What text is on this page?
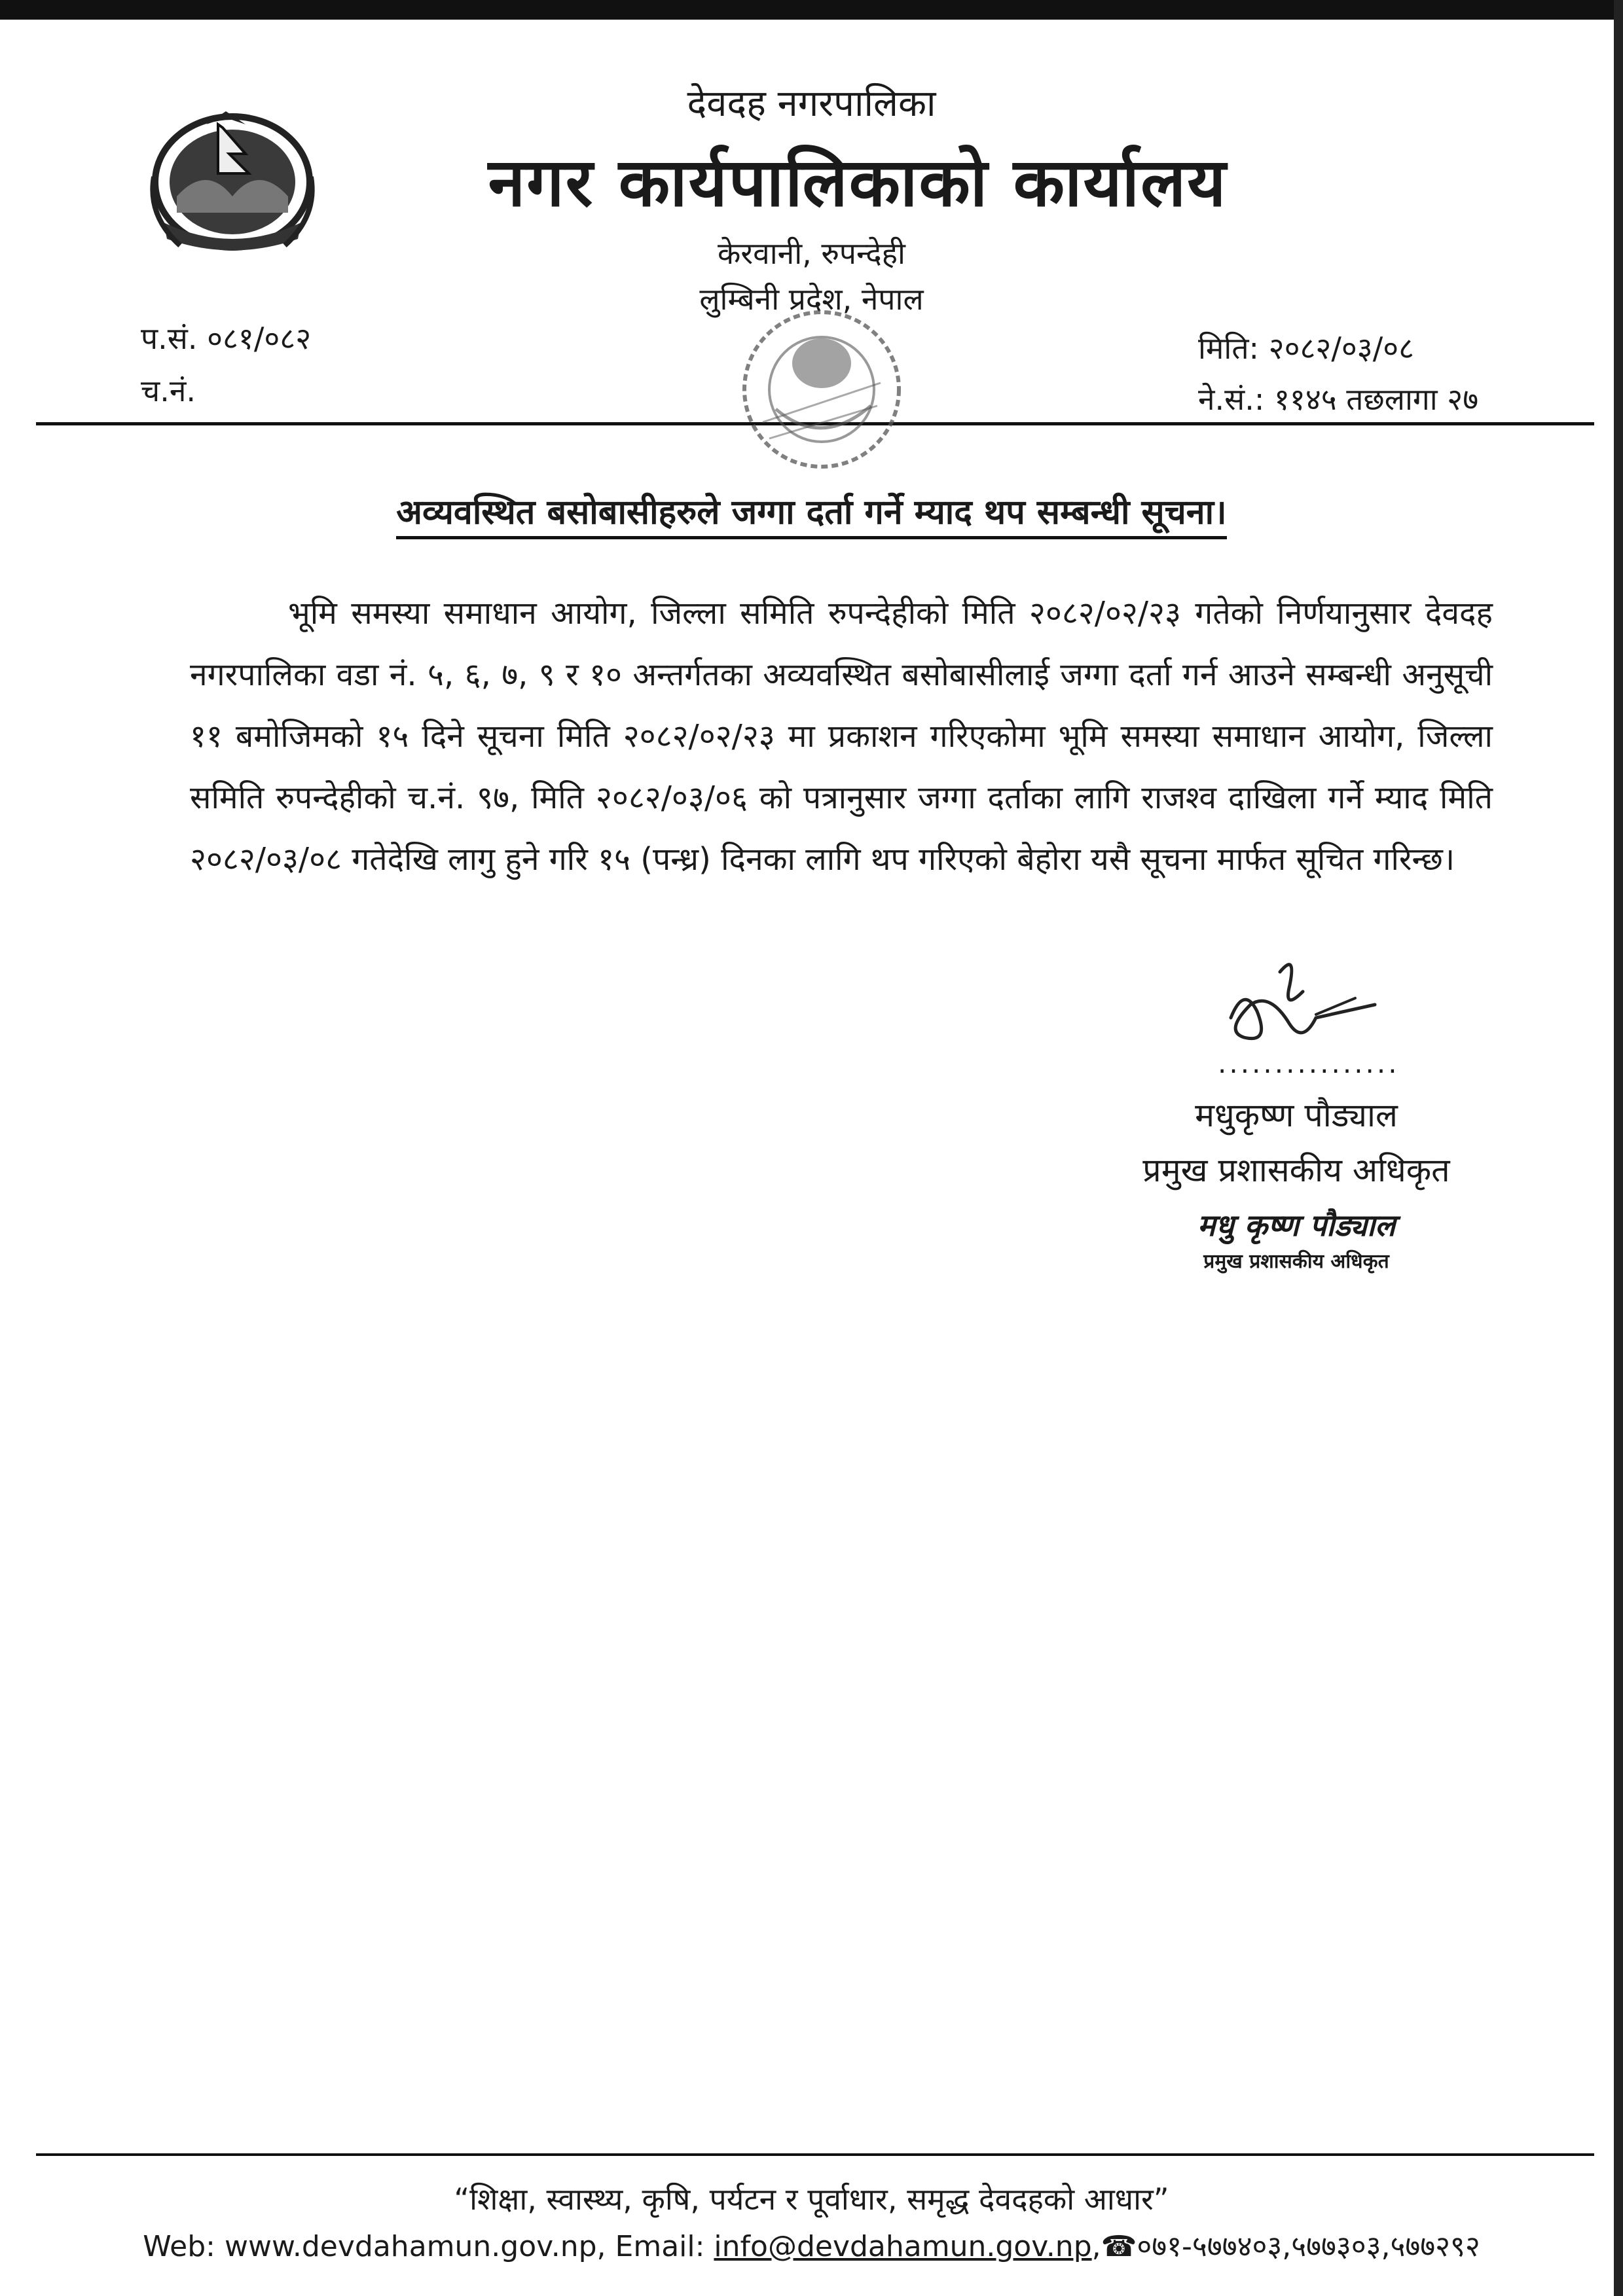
देवदह नगरपालिका
नगर कार्यपालिकाको कार्यालय
केरवानी, रुपन्देही
लुम्बिनी प्रदेश, नेपाल
प.सं. ०८१/०८२
च.नं.
मिति: २०८२/०३/०८
ने.सं.: ११४५ तछलागा २७
अव्यवस्थित बसोबासीहरुले जग्गा दर्ता गर्ने म्याद थप सम्बन्धी सूचना।
भूमि समस्या समाधान आयोग, जिल्ला समिति रुपन्देहीको मिति २०८२/०२/२३ गतेको निर्णयानुसार देवदह नगरपालिका वडा नं. ५, ६, ७, ९ र १० अन्तर्गतका अव्यवस्थित बसोबासीलाई जग्गा दर्ता गर्न आउने सम्बन्धी अनुसूची ११ बमोजिमको १५ दिने सूचना मिति २०८२/०२/२३ मा प्रकाशन गरिएकोमा भूमि समस्या समाधान आयोग, जिल्ला समिति रुपन्देहीको च.नं. ९७, मिति २०८२/०३/०६ को पत्रानुसार जग्गा दर्ताका लागि राजश्व दाखिला गर्ने म्याद मिति २०८२/०३/०८ गतेदेखि लागु हुने गरि १५ (पन्ध्र) दिनका लागि थप गरिएको बेहोरा यसै सूचना मार्फत सूचित गरिन्छ।
................
मधुकृष्ण पौड्याल
प्रमुख प्रशासकीय अधिकृत
मधु कृष्ण पौड्याल
प्रमुख प्रशासकीय अधिकृत
“शिक्षा, स्वास्थ्य, कृषि, पर्यटन र पूर्वाधार, समृद्ध देवदहको आधार”
Web: www.devdahamun.gov.np, Email: info@devdahamun.gov.np,☎०७१-५७७४०३,५७७३०३,५७७२९२
